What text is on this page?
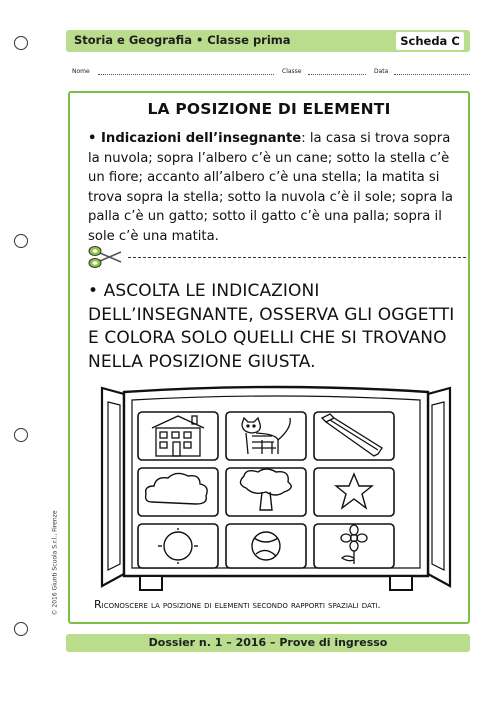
Storia e Geografia • Classe prima	Scheda C
Nome	Classe	Data
LA POSIZIONE DI ELEMENTI
• Indicazioni dell’insegnante: la casa si trova sopra la nuvola; sopra l’albero c’è un cane; sotto la stella c’è un fiore; accanto all’albero c’è una stella; la matita si trova sopra la stella; sotto la nuvola c’è il sole; sopra la palla c’è un gatto; sotto il gatto c’è una palla; sopra il sole c’è una matita.
• ASCOLTA LE INDICAZIONI DELL’INSEGNANTE, OSSERVA GLI OGGETTI E COLORA SOLO QUELLI CHE SI TROVANO NELLA POSIZIONE GIUSTA.
Riconoscere la posizione di elementi secondo rapporti spaziali dati.
Dossier n. 1 – 2016 – Prove di ingresso
© 2016 Giunti Scuola S.r.l., Firenze
